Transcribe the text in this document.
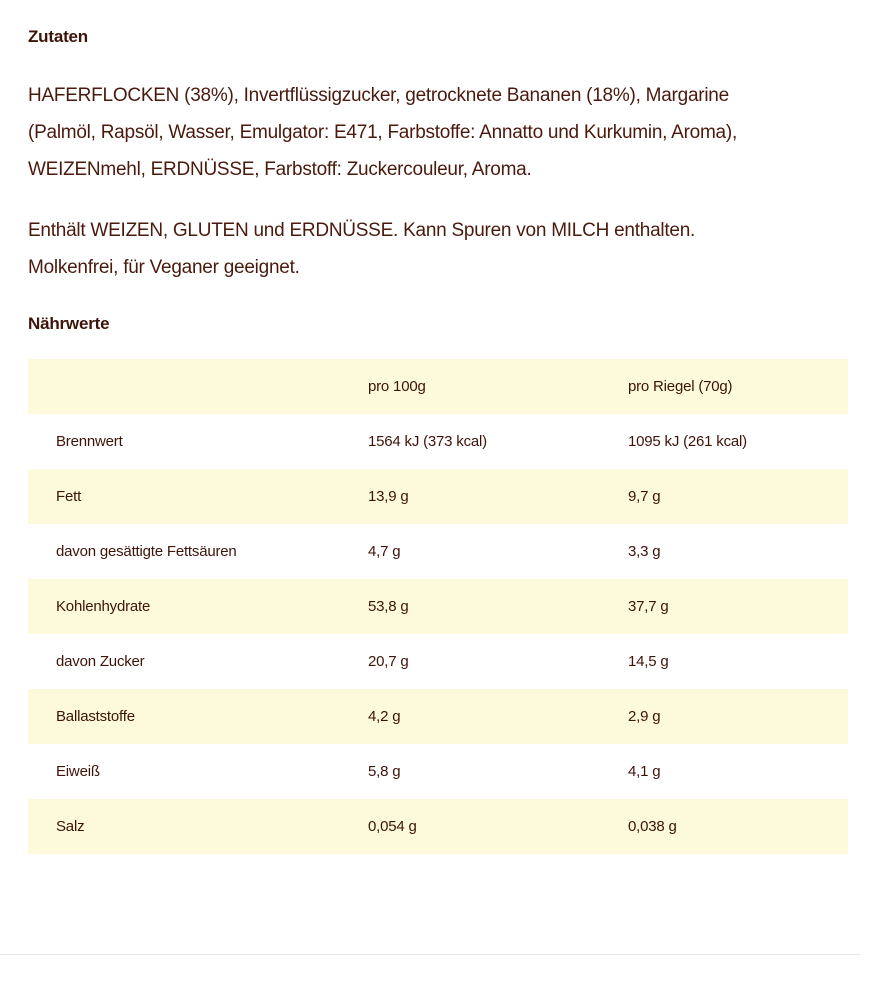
Zutaten

HAFERFLOCKEN (38%), Invertflüssigzucker, getrocknete Bananen (18%), Margarine

(Palmöl, Rapsöl, Wasser, Emulgator: E471, Farbstoffe: Annatto und Kurkumin, Aroma),

WEIZENmehl, ERDNÜSSE, Farbstoff: Zuckercouleur, Aroma.

Enthält WEIZEN, GLUTEN und ERDNÜSSE. Kann Spuren von MILCH enthalten.

Molkenfrei, für Veganer geeignet.

Nährwerte
	pro 100g	pro Riegel (70g)
Brennwert	1564 kJ (373 kcal)	1095 kJ (261 kcal)
Fett	13,9 g	9,7 g
davon gesättigte Fettsäuren	4,7 g	3,3 g
Kohlenhydrate	53,8 g	37,7 g
davon Zucker	20,7 g	14,5 g
Ballaststoffe	4,2 g	2,9 g
Eiweiß	5,8 g	4,1 g
Salz	0,054 g	0,038 g
